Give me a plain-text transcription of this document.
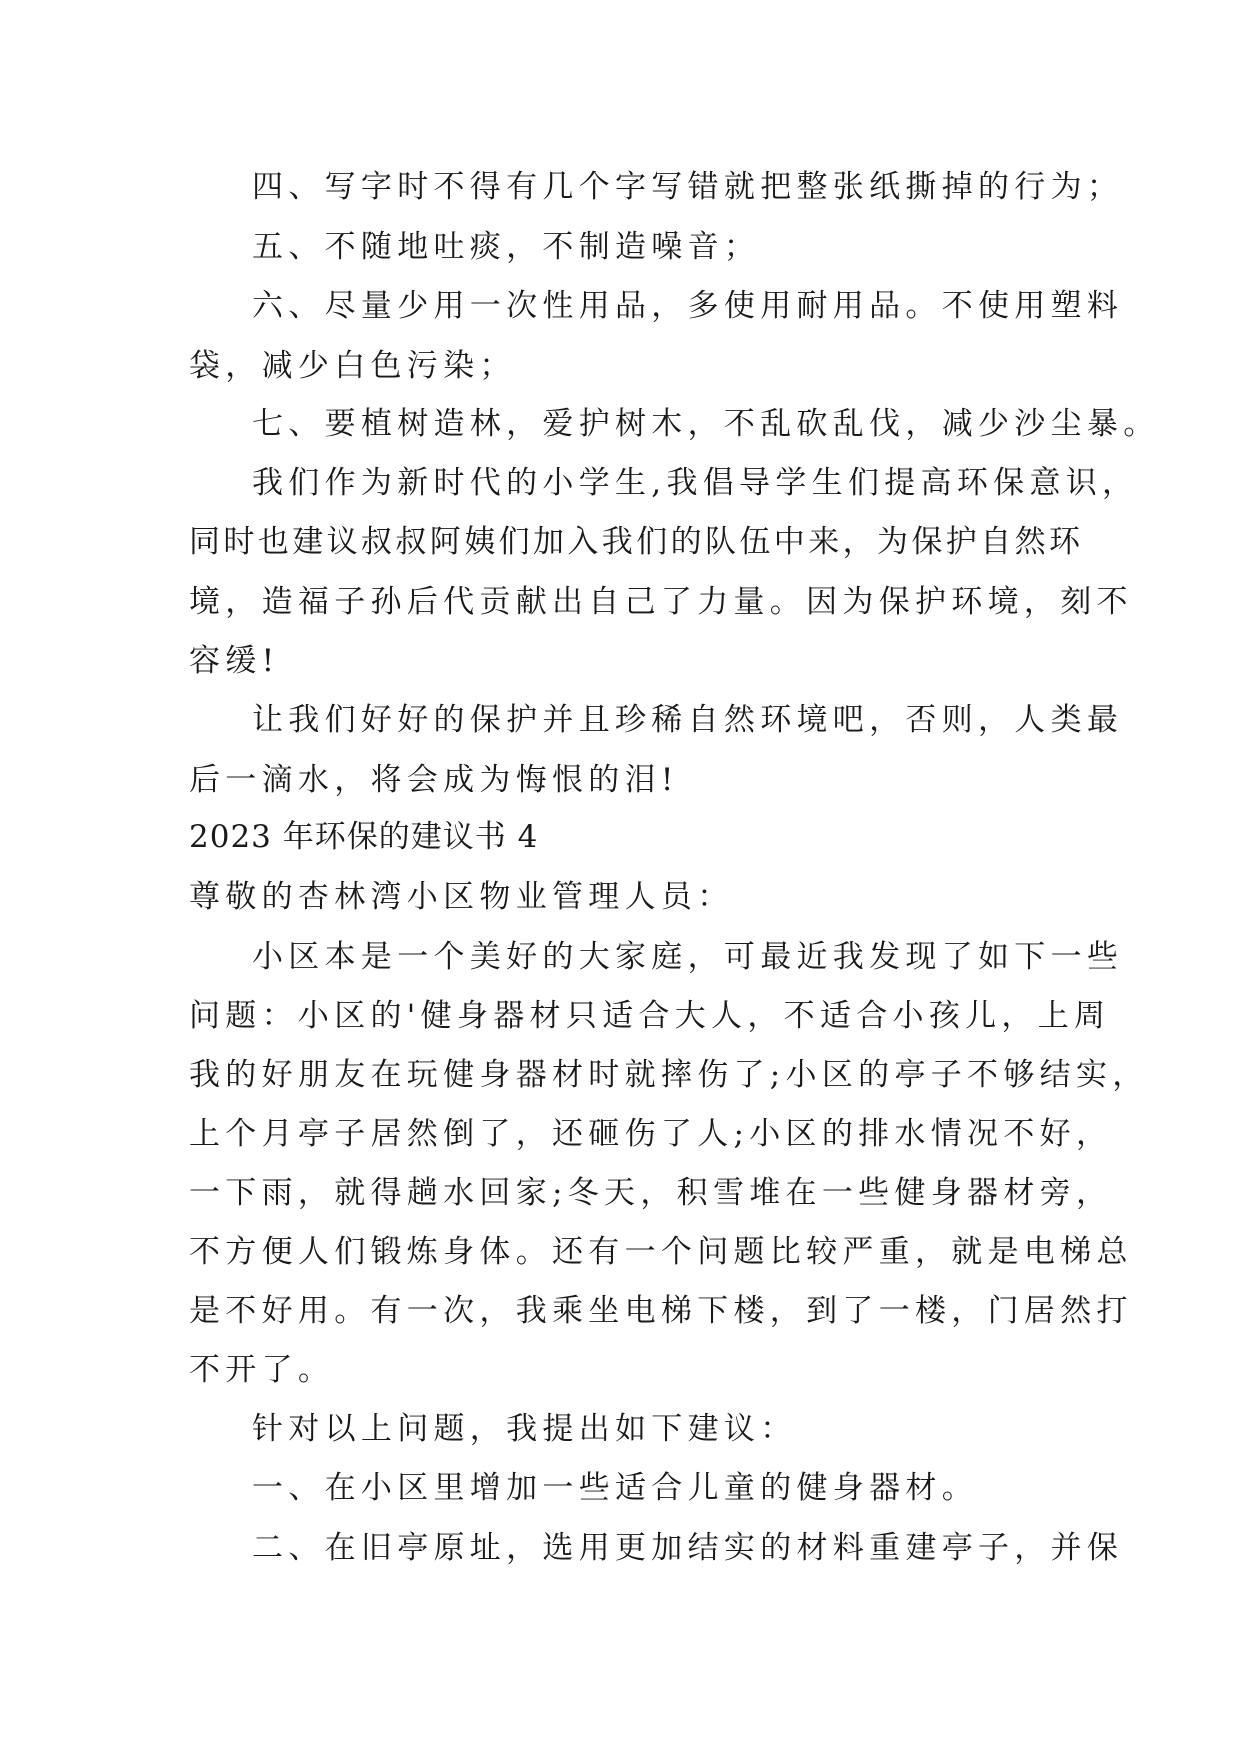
四、写字时不得有几个字写错就把整张纸撕掉的行为；

五、不随地吐痰，不制造噪音；

六、尽量少用一次性用品，多使用耐用品。不使用塑料

袋，减少白色污染；

七、要植树造林，爱护树木，不乱砍乱伐，减少沙尘暴。

我们作为新时代的小学生,我倡导学生们提高环保意识，

同时也建议叔叔阿姨们加入我们的队伍中来，为保护自然环

境，造福子孙后代贡献出自己了力量。因为保护环境，刻不

容缓!

让我们好好的保护并且珍稀自然环境吧，否则，人类最

后一滴水，将会成为悔恨的泪!

2023 年环保的建议书 4

尊敬的杏林湾小区物业管理人员：

小区本是一个美好的大家庭，可最近我发现了如下一些

问题：小区的'健身器材只适合大人，不适合小孩儿，上周

我的好朋友在玩健身器材时就摔伤了;小区的亭子不够结实，

上个月亭子居然倒了，还砸伤了人;小区的排水情况不好，

一下雨，就得趟水回家;冬天，积雪堆在一些健身器材旁，

不方便人们锻炼身体。还有一个问题比较严重，就是电梯总

是不好用。有一次，我乘坐电梯下楼，到了一楼，门居然打

不开了。

针对以上问题，我提出如下建议：

一、在小区里增加一些适合儿童的健身器材。

二、在旧亭原址，选用更加结实的材料重建亭子，并保
